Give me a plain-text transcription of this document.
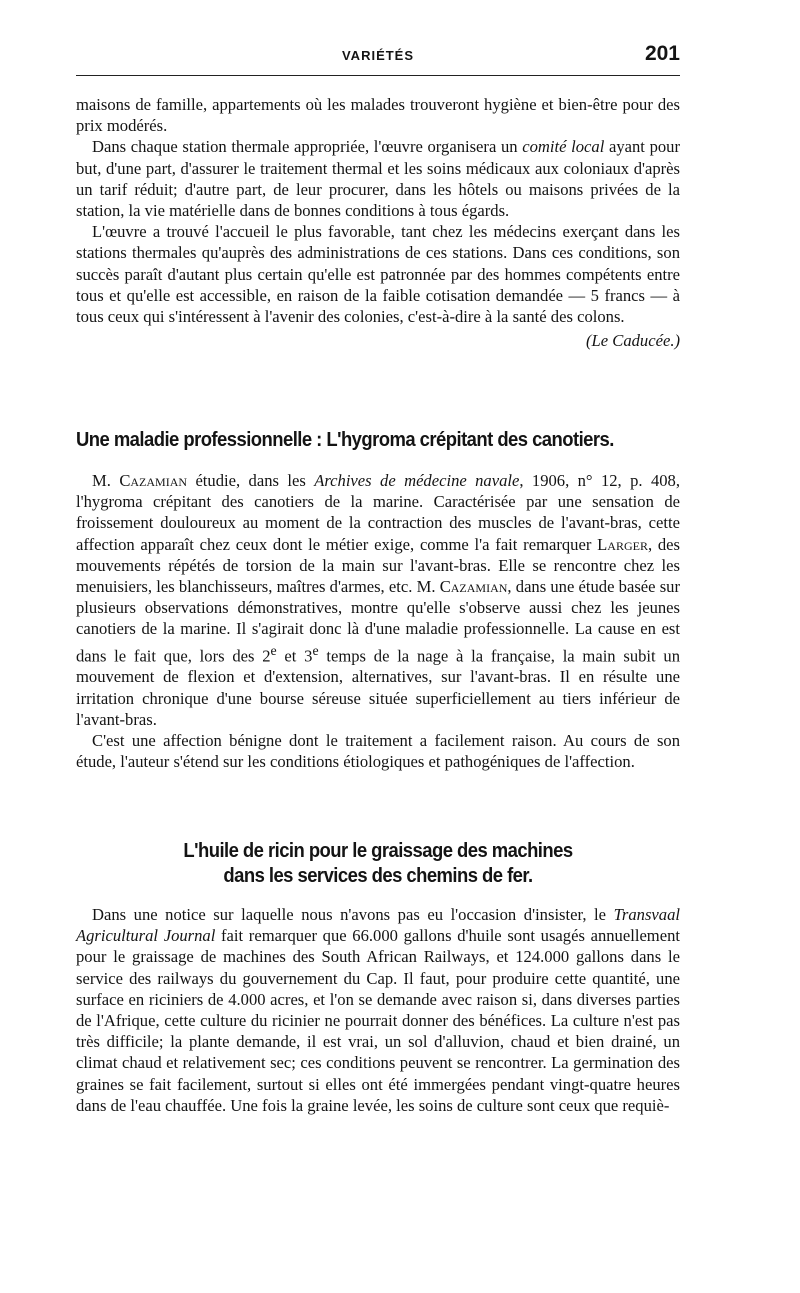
VARIÉTÉS	201

maisons de famille, appartements où les malades trouveront hygiène et bien-être pour des prix modérés.

Dans chaque station thermale appropriée, l'œuvre organisera un comité local ayant pour but, d'une part, d'assurer le traitement thermal et les soins médicaux aux coloniaux d'après un tarif réduit; d'autre part, de leur procurer, dans les hôtels ou maisons privées de la station, la vie matérielle dans de bonnes conditions à tous égards.

L'œuvre a trouvé l'accueil le plus favorable, tant chez les médecins exerçant dans les stations thermales qu'auprès des administrations de ces stations. Dans ces conditions, son succès paraît d'autant plus certain qu'elle est patronnée par des hommes compétents entre tous et qu'elle est accessible, en raison de la faible cotisation demandée — 5 francs — à tous ceux qui s'intéressent à l'avenir des colonies, c'est-à-dire à la santé des colons.

(Le Caducée.)

Une maladie professionnelle : L'hygroma crépitant des canotiers.

M. Cazamian étudie, dans les Archives de médecine navale, 1906, n° 12, p. 408, l'hygroma crépitant des canotiers de la marine. Caractérisée par une sensation de froissement douloureux au moment de la contraction des muscles de l'avant-bras, cette affection apparaît chez ceux dont le métier exige, comme l'a fait remarquer Larger, des mouvements répétés de torsion de la main sur l'avant-bras. Elle se rencontre chez les menuisiers, les blanchisseurs, maîtres d'armes, etc. M. Cazamian, dans une étude basée sur plusieurs observations démonstratives, montre qu'elle s'observe aussi chez les jeunes canotiers de la marine. Il s'agirait donc là d'une maladie professionnelle. La cause en est dans le fait que, lors des 2e et 3e temps de la nage à la française, la main subit un mouvement de flexion et d'extension, alternatives, sur l'avant-bras. Il en résulte une irritation chronique d'une bourse séreuse située superficiellement au tiers inférieur de l'avant-bras.

C'est une affection bénigne dont le traitement a facilement raison. Au cours de son étude, l'auteur s'étend sur les conditions étiologiques et pathogéniques de l'affection.

L'huile de ricin pour le graissage des machines
dans les services des chemins de fer.

Dans une notice sur laquelle nous n'avons pas eu l'occasion d'insister, le Transvaal Agricultural Journal fait remarquer que 66.000 gallons d'huile sont usagés annuellement pour le graissage de machines des South African Railways, et 124.000 gallons dans le service des railways du gouvernement du Cap. Il faut, pour produire cette quantité, une surface en riciniers de 4.000 acres, et l'on se demande avec raison si, dans diverses parties de l'Afrique, cette culture du ricinier ne pourrait donner des bénéfices. La culture n'est pas très difficile; la plante demande, il est vrai, un sol d'alluvion, chaud et bien drainé, un climat chaud et relativement sec; ces conditions peuvent se rencontrer. La germination des graines se fait facilement, surtout si elles ont été immergées pendant vingt-quatre heures dans de l'eau chauffée. Une fois la graine levée, les soins de culture sont ceux que requiè-
